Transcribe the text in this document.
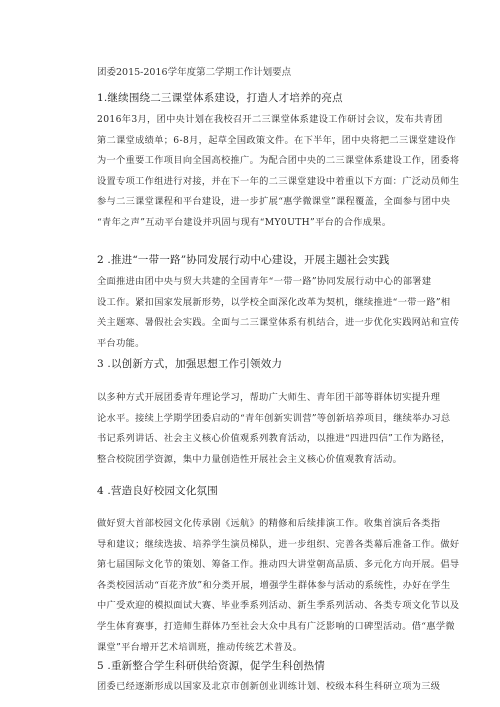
团委2015-2016学年度第二学期工作计划要点
1.继续围绕二三课堂体系建设，打造人才培养的亮点
2016年3月，团中央计划在我校召开二三课堂体系建设工作研讨会议，发布共青团
第二课堂成绩单；6-8月，起草全国政策文件。在下半年，团中央将把二三课堂建设作
为一个重要工作项目向全国高校推广。为配合团中央的二三课堂体系建设工作，团委将
设置专项工作组进行对接，并在下一年的二三课堂建设中着重以下方面：广泛动员师生
参与二三课堂课程和平台建设，进一步扩展“惠学微课堂”课程覆盖，全面参与团中央
“青年之声”互动平台建设并巩固与现有“MY0UTH”平台的合作成果。
2 .推进“一带一路”协同发展行动中心建设，开展主题社会实践
全面推进由团中央与贸大共建的全国青年“一带一路”协同发展行动中心的部署建
设工作。紧扣国家发展新形势，以学校全面深化改革为契机，继续推进“一带一路”相
关主题寒、暑假社会实践。全面与二三课堂体系有机结合，进一步优化实践网站和宣传
平台功能。
3 .以创新方式，加强思想工作引领效力
以多种方式开展团委青年理论学习，帮助广大师生、青年团干部等群体切实提升理
论水平。接续上学期学团委启动的“青年创新实训营”等创新培养项目，继续举办习总
书记系列讲话、社会主义核心价值观系列教育活动，以推进“四进四信”工作为路径，
整合校院团学资源，集中力量创造性开展社会主义核心价值观教育活动。
4 .营造良好校园文化氛围
做好贸大首部校园文化传承剧《远航》的精修和后续排演工作。收集首演后各类指
导和建议；继续选拔、培养学生演员梯队，进一步组织、完善各类幕后准备工作。做好
第七届国际文化节的策划、筹备工作。推动四大讲堂朝高品质、多元化方向开展。倡导
各类校园活动“百花齐放”和分类开展，增强学生群体参与活动的系统性，办好在学生
中广受欢迎的模拟面试大赛、毕业季系列活动、新生季系列活动、各类专项文化节以及
学生体育赛事，打造师生群体乃至社会大众中具有广泛影响的口碑型活动。借“惠学微
课堂”平台增开艺术培训班，推动传统艺术普及。
5 .重新整合学生科研供给资源，促学生科创热情
团委已经逐渐形成以国家及北京市创新创业训练计划、校级本科生科研立项为三级
